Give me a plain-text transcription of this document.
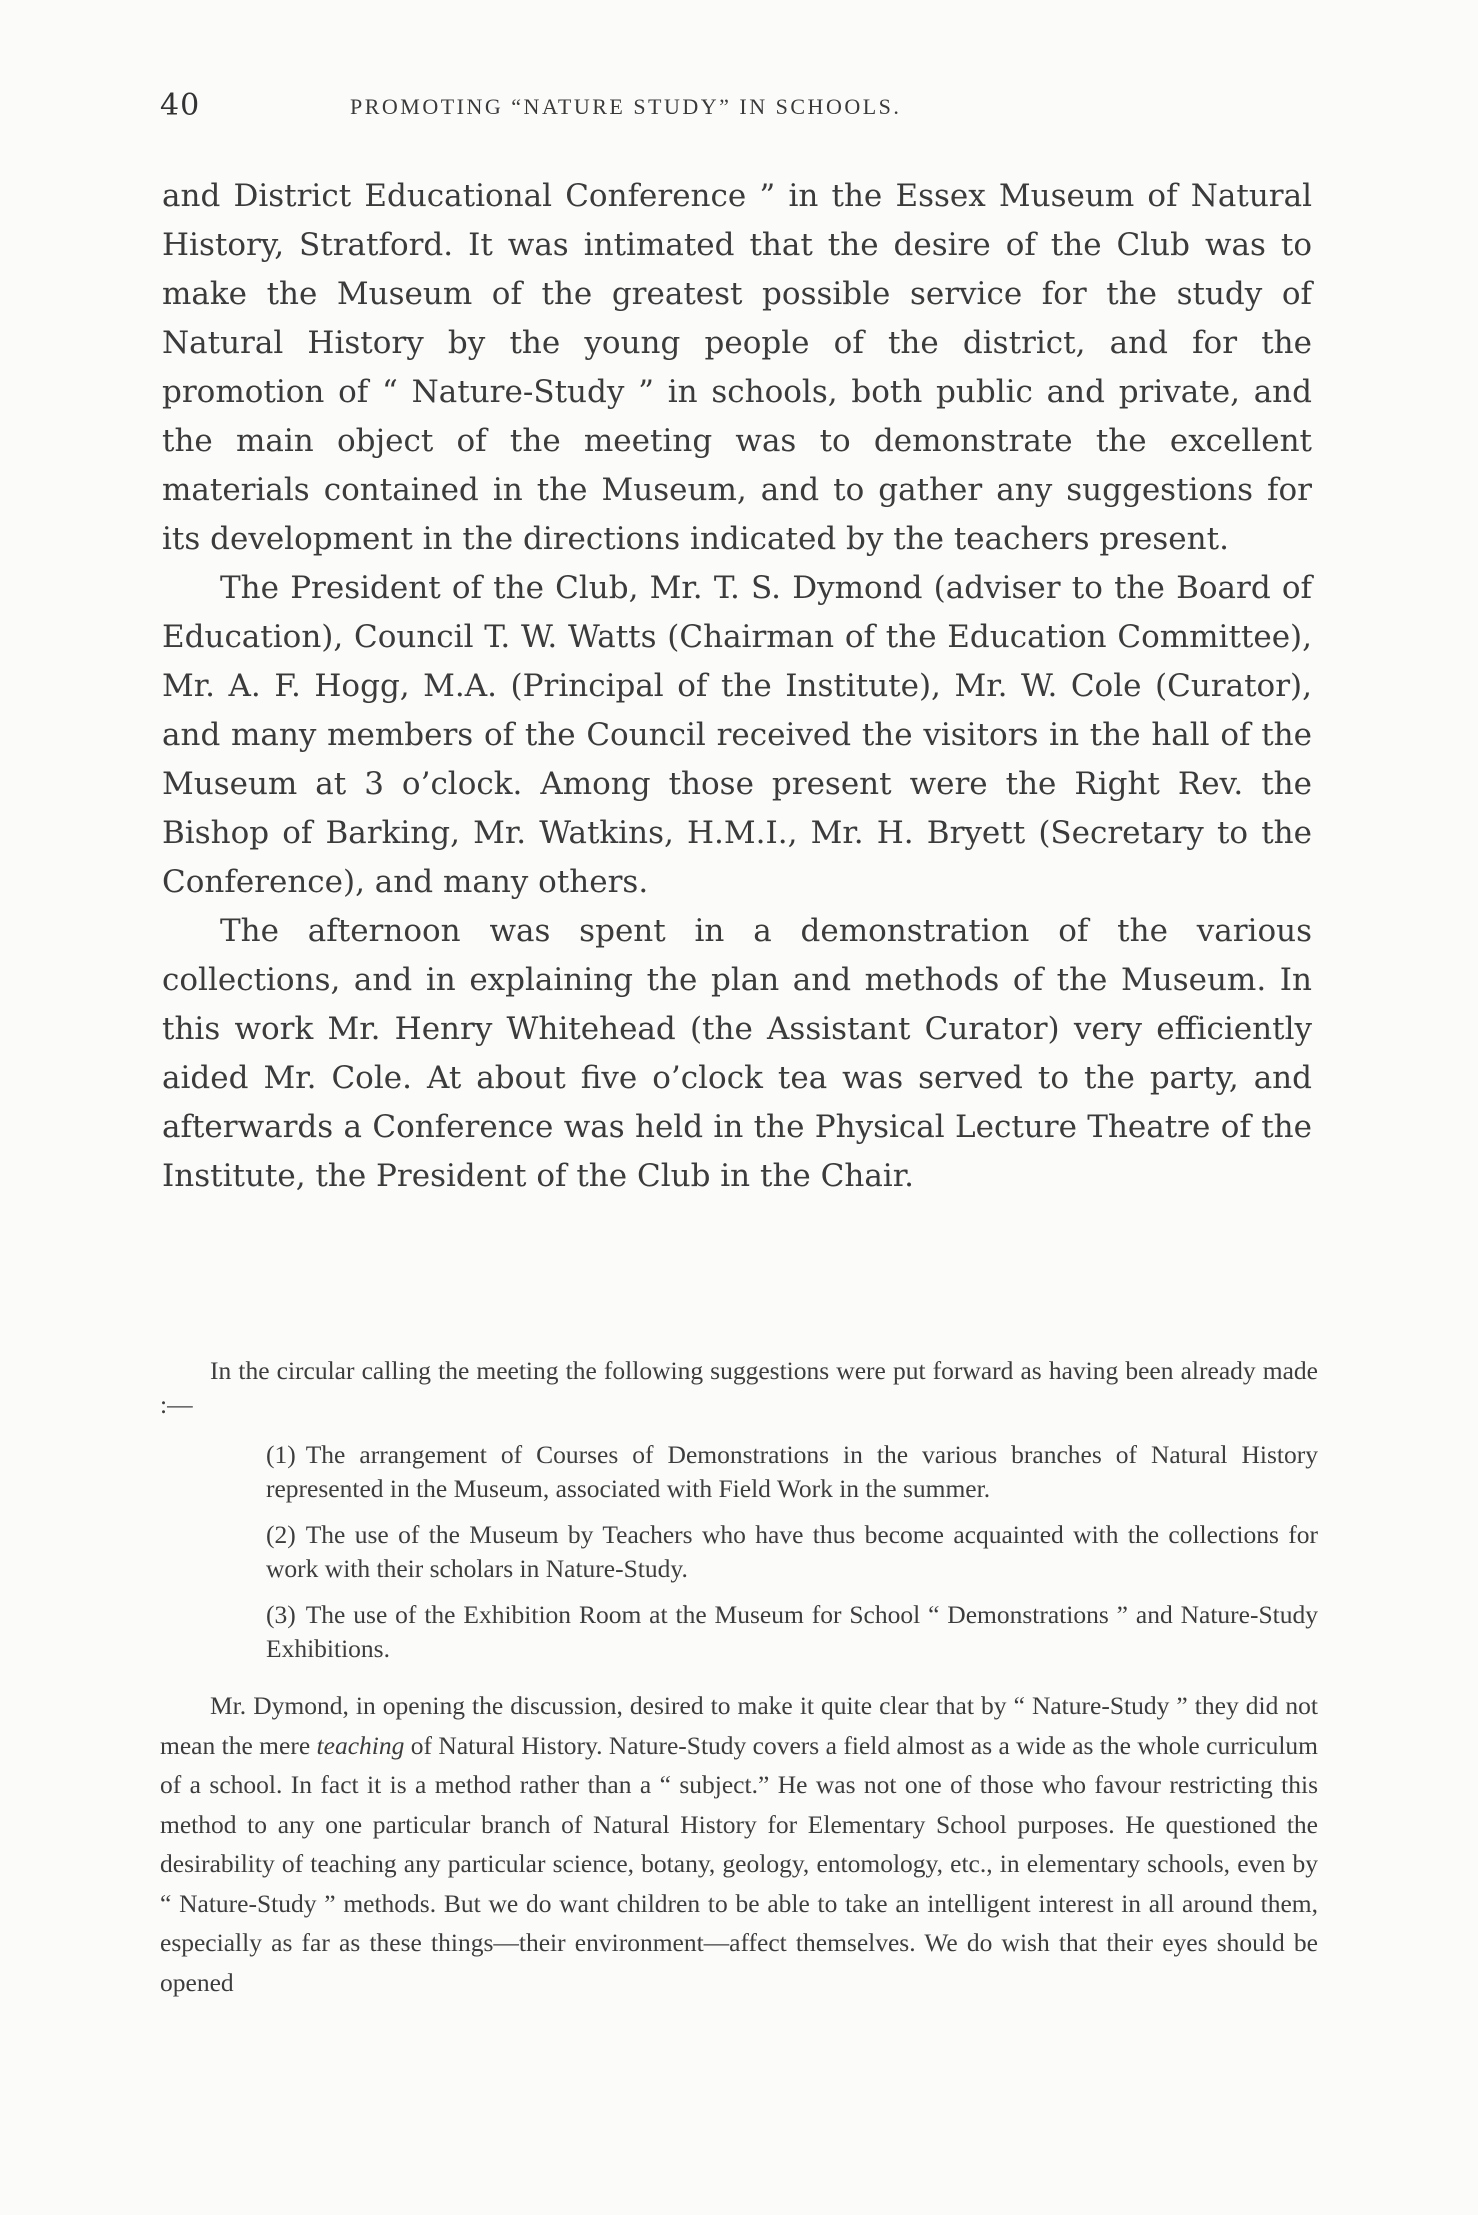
40	PROMOTING “NATURE STUDY” IN SCHOOLS.

and District Educational Conference ” in the Essex Museum of Natural History, Stratford. It was intimated that the desire of the Club was to make the Museum of the greatest possible service for the study of Natural History by the young people of the district, and for the promotion of “ Nature-Study ” in schools, both public and private, and the main object of the meeting was to demonstrate the excellent materials contained in the Museum, and to gather any suggestions for its development in the directions indicated by the teachers present.

The President of the Club, Mr. T. S. Dymond (adviser to the Board of Education), Council T. W. Watts (Chairman of the Education Committee), Mr. A. F. Hogg, M.A. (Principal of the Institute), Mr. W. Cole (Curator), and many members of the Council received the visitors in the hall of the Museum at 3 o’clock. Among those present were the Right Rev. the Bishop of Barking, Mr. Watkins, H.M.I., Mr. H. Bryett (Secretary to the Conference), and many others.

The afternoon was spent in a demonstration of the various collections, and in explaining the plan and methods of the Museum. In this work Mr. Henry Whitehead (the Assistant Curator) very efficiently aided Mr. Cole. At about five o’clock tea was served to the party, and afterwards a Conference was held in the Physical Lecture Theatre of the Institute, the President of the Club in the Chair.

In the circular calling the meeting the following suggestions were put forward as having been already made :—

(1) The arrangement of Courses of Demonstrations in the various branches of Natural History represented in the Museum, associated with Field Work in the summer.

(2) The use of the Museum by Teachers who have thus become acquainted with the collections for work with their scholars in Nature-Study.

(3) The use of the Exhibition Room at the Museum for School “ Demonstrations ” and Nature-Study Exhibitions.

Mr. Dymond, in opening the discussion, desired to make it quite clear that by “ Nature-Study ” they did not mean the mere teaching of Natural History. Nature-Study covers a field almost as a wide as the whole curriculum of a school. In fact it is a method rather than a “ subject.” He was not one of those who favour restricting this method to any one particular branch of Natural History for Elementary School purposes. He questioned the desirability of teaching any particular science, botany, geology, entomology, etc., in elementary schools, even by “ Nature-Study ” methods. But we do want children to be able to take an intelligent interest in all around them, especially as far as these things—their environment—affect themselves. We do wish that their eyes should be opened
